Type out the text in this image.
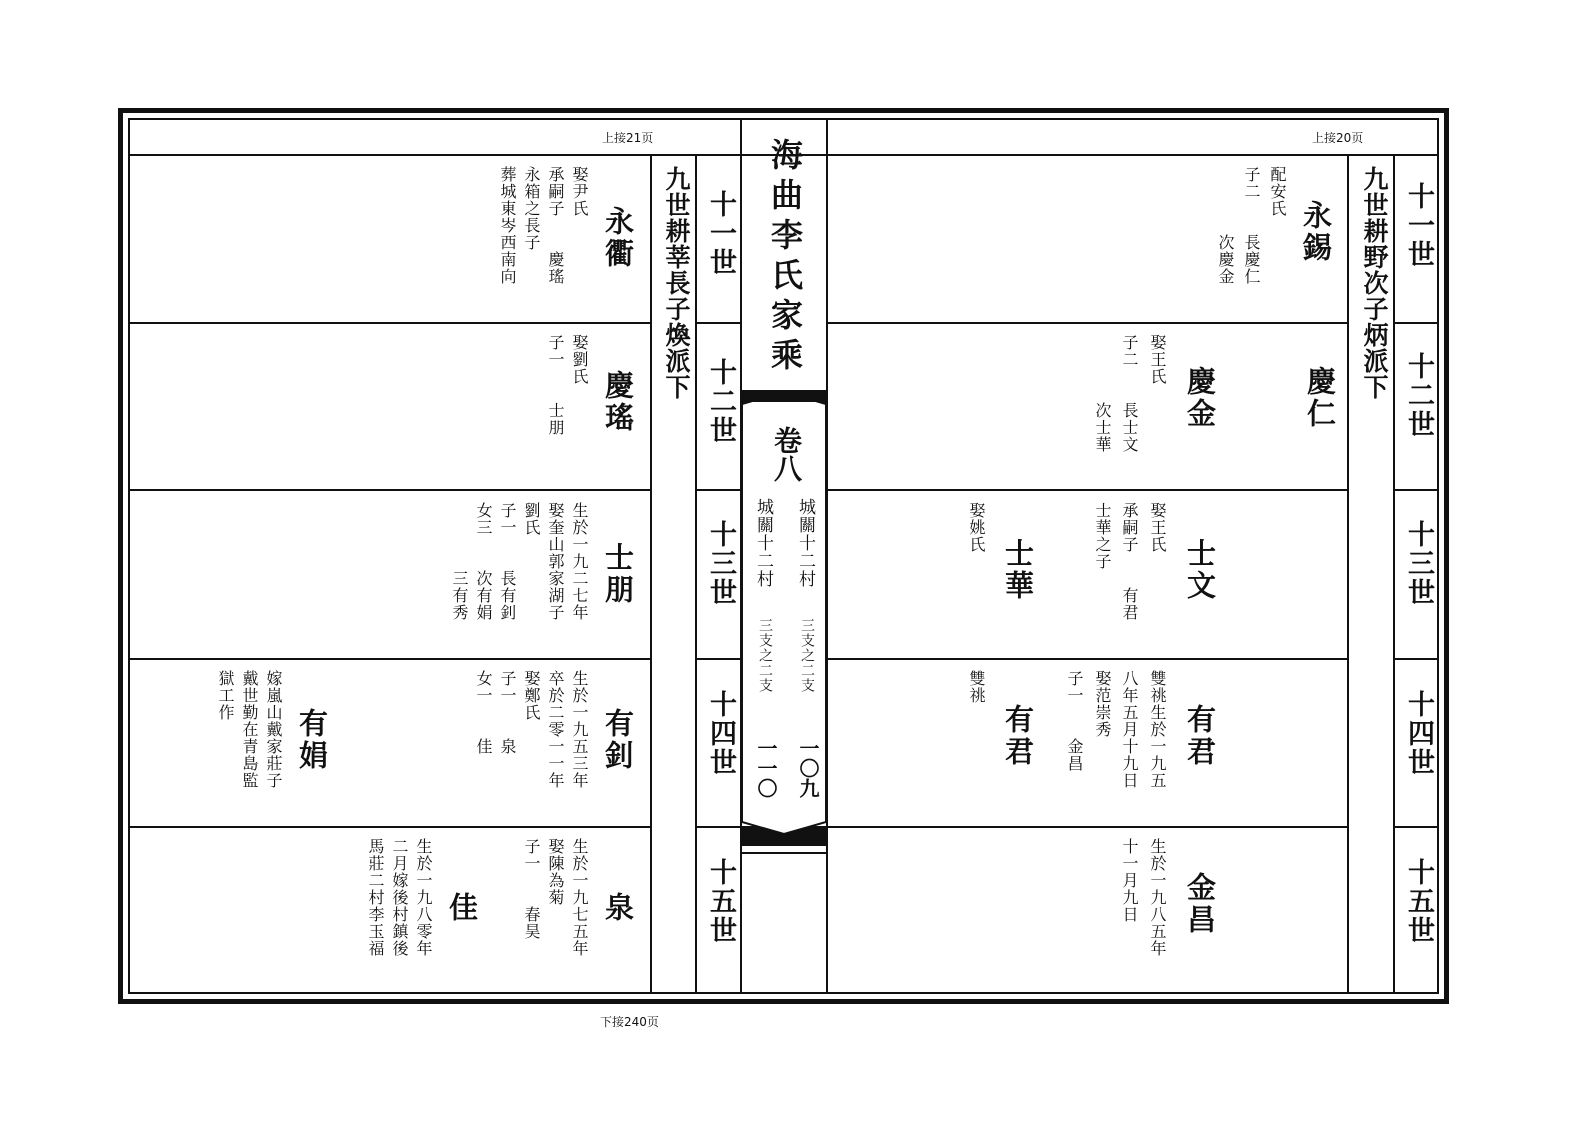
上接20页
上接21页
下接240页
海曲李氏家乘
卷八
城關十二村
三支之二支
一〇九
城關十二村
三支之二支
一一〇
九世耕野次子炳派下 十一世
十二世
十三世
十四世
十五世
九世耕莘長子煥派下 十一世
十二世
十三世
十四世
十五世
永錫
配安氏
子二　　長慶仁
　　　　次慶金
慶仁
慶金
娶王氏
子二　　長士文
　　　　次士華
士文
娶王氏
承嗣子　　有君
士華之子
士華
娶姚氏
有君
雙祧生於一九五
八年五月十九日
娶范崇秀
子一　　金昌
有君
雙祧
金昌
生於一九八五年
十一月九日
永衢
娶尹氏
承嗣子　　慶瑤
永箱之長子
葬城東岑西南向
慶瑤
娶劉氏
子一　　士朋
士朋
生於一九二七年
娶奎山郭家湖子
劉氏
子一　　長有釗
女三　　次有娟
　　　　三有秀
有釗
生於一九五三年
卒於二零一一年
娶鄭氏
子一　　泉
女一　　佳
有娟
嫁嵐山戴家莊子
戴世勤在青島監
獄工作
泉
生於一九七五年
娶陳為菊
子一　　春昊
佳
生於一九八零年
二月嫁後村鎮後
馬莊二村李玉福
